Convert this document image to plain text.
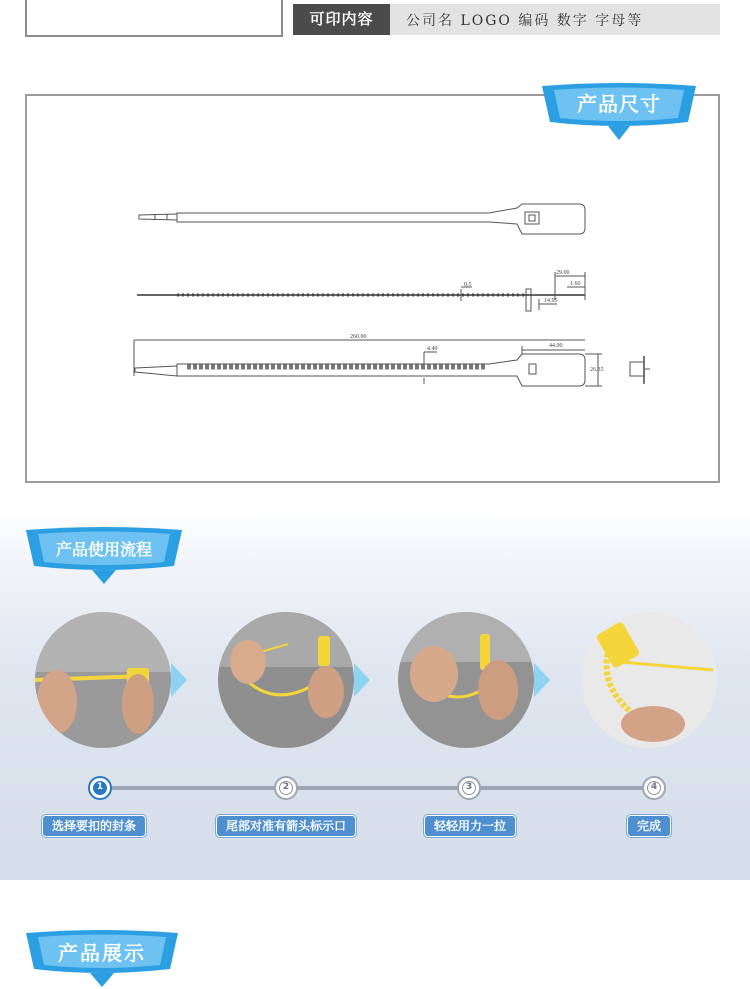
可印内容	公司名 LOGO 编码 数字 字母等
0.5
29.00
1.60
14.95
260.00
4.40	44.00
26.35
产品尺寸
产品使用流程
1	2	3	4
选择要扣的封条	尾部对准有箭头标示口	轻轻用力一拉	完成
产品展示
